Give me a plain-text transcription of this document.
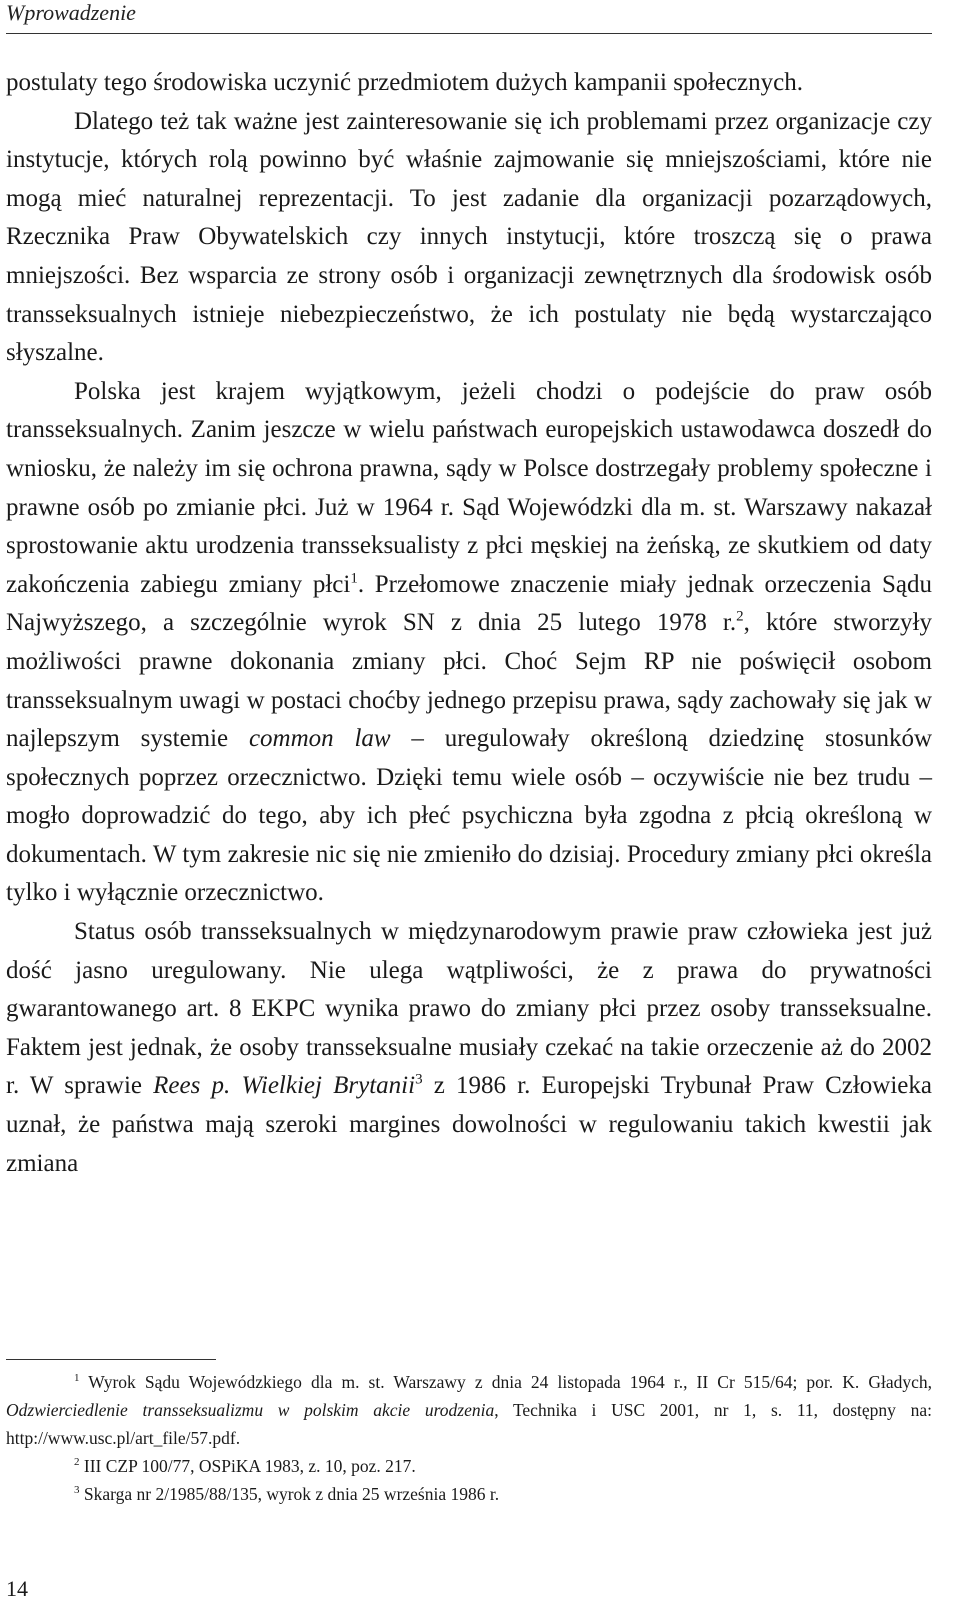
Wprowadzenie

postulaty tego środowiska uczynić przedmiotem dużych kampanii społecznych.

Dlatego też tak ważne jest zainteresowanie się ich problemami przez organizacje czy instytucje, których rolą powinno być właśnie zajmowanie się mniejszościami, które nie mogą mieć naturalnej reprezentacji. To jest zadanie dla organizacji pozarządowych, Rzecznika Praw Obywatelskich czy innych instytucji, które troszczą się o prawa mniejszości. Bez wsparcia ze strony osób i organizacji zewnętrznych dla środowisk osób transseksualnych istnieje niebezpieczeństwo, że ich postulaty nie będą wystarczająco słyszalne.

Polska jest krajem wyjątkowym, jeżeli chodzi o podejście do praw osób transseksualnych. Zanim jeszcze w wielu państwach europejskich ustawodawca doszedł do wniosku, że należy im się ochrona prawna, sądy w Polsce dostrzegały problemy społeczne i prawne osób po zmianie płci. Już w 1964 r. Sąd Wojewódzki dla m. st. Warszawy nakazał sprostowanie aktu urodzenia transseksualisty z płci męskiej na żeńską, ze skutkiem od daty zakończenia zabiegu zmiany płci$^1$. Przełomowe znaczenie miały jednak orzeczenia Sądu Najwyższego, a szczególnie wyrok SN z dnia 25 lutego 1978 r.$^2$, które stworzyły możliwości prawne dokonania zmiany płci. Choć Sejm RP nie poświęcił osobom transseksualnym uwagi w postaci choćby jednego przepisu prawa, sądy zachowały się jak w najlepszym systemie common law – uregulowały określoną dziedzinę stosunków społecznych poprzez orzecznictwo. Dzięki temu wiele osób – oczywiście nie bez trudu – mogło doprowadzić do tego, aby ich płeć psychiczna była zgodna z płcią określoną w dokumentach. W tym zakresie nic się nie zmieniło do dzisiaj. Procedury zmiany płci określa tylko i wyłącznie orzecznictwo.

Status osób transseksualnych w międzynarodowym prawie praw człowieka jest już dość jasno uregulowany. Nie ulega wątpliwości, że z prawa do prywatności gwarantowanego art. 8 EKPC wynika prawo do zmiany płci przez osoby transseksualne. Faktem jest jednak, że osoby transseksualne musiały czekać na takie orzeczenie aż do 2002 r. W sprawie Rees p. Wielkiej Brytanii$^3$ z 1986 r. Europejski Trybunał Praw Człowieka uznał, że państwa mają szeroki margines dowolności w regulowaniu takich kwestii jak zmiana

$^1$ Wyrok Sądu Wojewódzkiego dla m. st. Warszawy z dnia 24 listopada 1964 r., II Cr 515/64; por. K. Gładych, Odzwierciedlenie transseksualizmu w polskim akcie urodzenia, Technika i USC 2001, nr 1, s. 11, dostępny na: http://www.usc.pl/art_file/57.pdf.

$^2$ III CZP 100/77, OSPiKA 1983, z. 10, poz. 217.

$^3$ Skarga nr 2/1985/88/135, wyrok z dnia 25 września 1986 r.

14
